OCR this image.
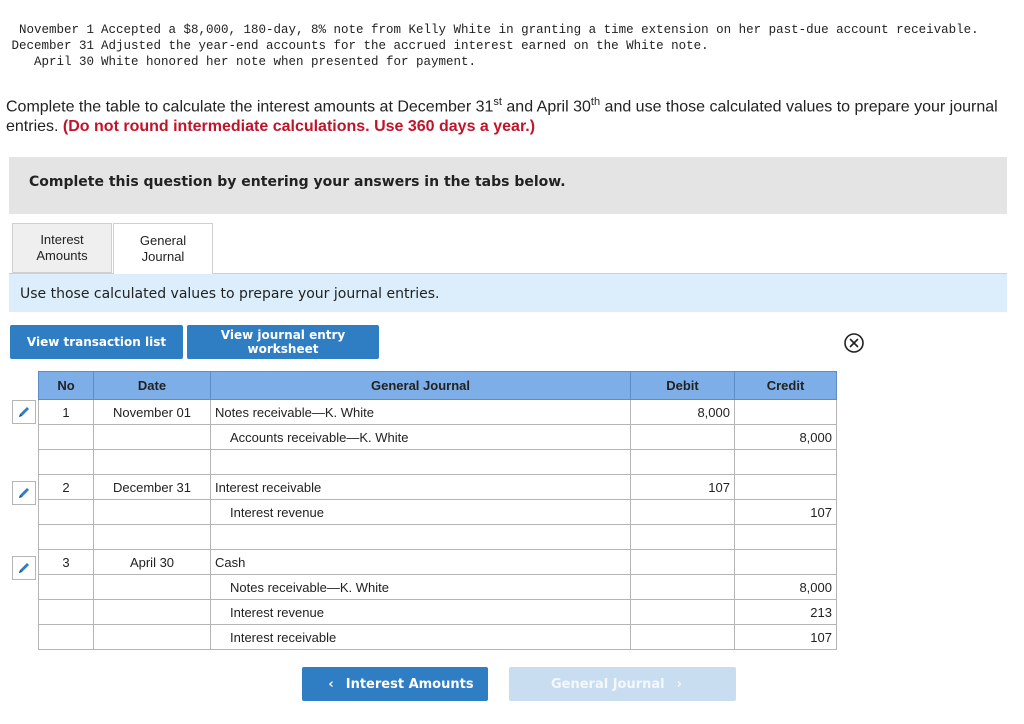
November 1 Accepted a $8,000, 180-day, 8% note from Kelly White in granting a time extension on her past-due account receivable.
December 31 Adjusted the year-end accounts for the accrued interest earned on the White note.
April 30 White honored her note when presented for payment.
Complete the table to calculate the interest amounts at December 31st and April 30th and use those calculated values to prepare your journal entries. (Do not round intermediate calculations. Use 360 days a year.)
Complete this question by entering your answers in the tabs below.
Interest
Amounts
General
Journal
Use those calculated values to prepare your journal entries.
View transaction list	View journal entry worksheet
No	Date	General Journal	Debit	Credit
1	November 01	Notes receivable—K. White	8,000	
		Accounts receivable—K. White		8,000

2	December 31	Interest receivable	107	
		Interest revenue		107

3	April 30	Cash		
		Notes receivable—K. White		8,000
		Interest revenue		213
		Interest receivable		107
‹ Interest Amounts	General Journal ›
